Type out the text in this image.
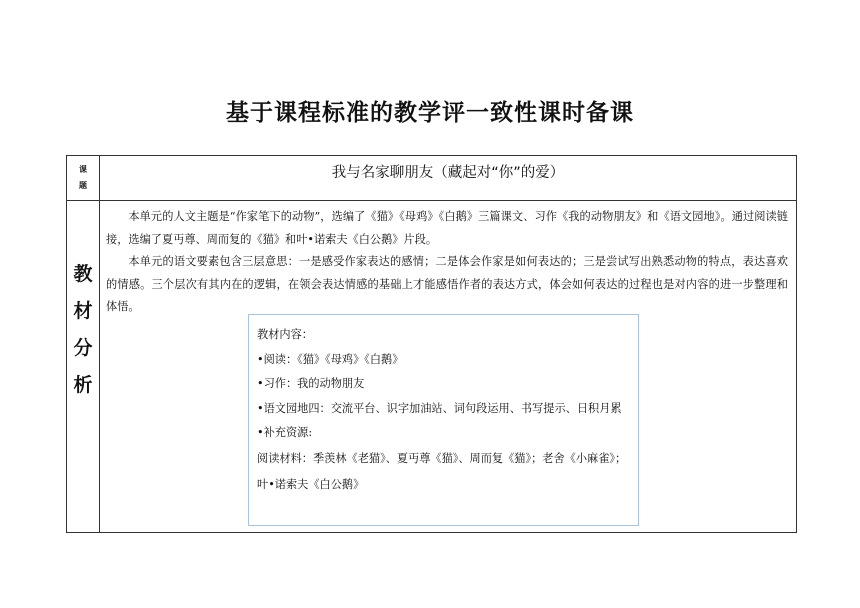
基于课程标准的教学评一致性课时备课
课
题
我与名家聊朋友（藏起对“你”的爱）
教
材
分
析

本单元的人文主题是“作家笔下的动物”，选编了《猫》《母鸡》《白鹅》三篇课文、习作《我的动物朋友》和《语文园地》。通过阅读链接，选编了夏丏尊、周而复的《猫》和叶•诺索夫《白公鹅》片段。

本单元的语文要素包含三层意思：一是感受作家表达的感情；二是体会作家是如何表达的；三是尝试写出熟悉动物的特点，表达喜欢的情感。三个层次有其内在的逻辑，在领会表达情感的基础上才能感悟作者的表达方式，体会如何表达的过程也是对内容的进一步整理和体悟。

教材内容：
•阅读：《猫》《母鸡》《白鹅》
•习作：我的动物朋友
•语文园地四：交流平台、识字加油站、词句段运用、书写提示、日积月累
•补充资源:
阅读材料：季羡林《老猫》、夏丏尊《猫》、周而复《猫》；老舍《小麻雀》；叶•诺索夫《白公鹅》
